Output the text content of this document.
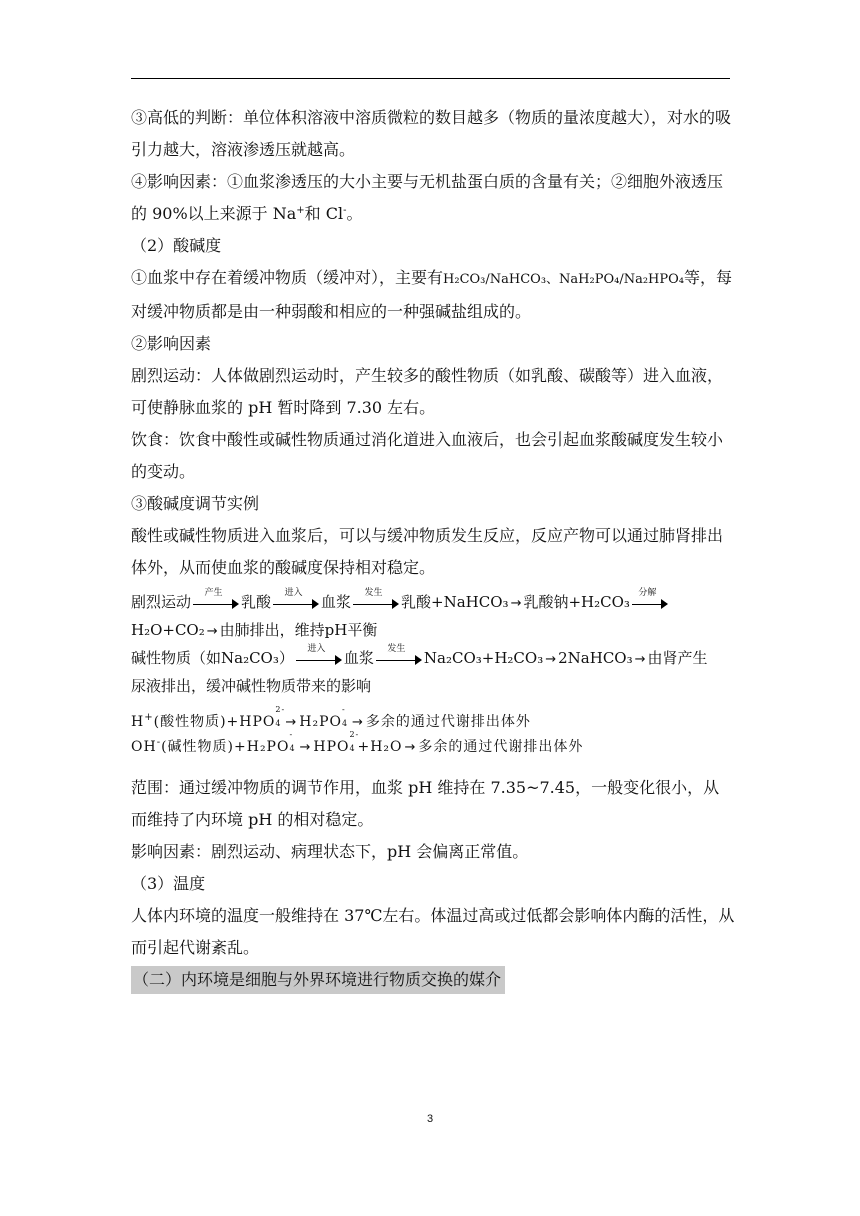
③高低的判断：单位体积溶液中溶质微粒的数目越多（物质的量浓度越大），对水的吸引力越大，溶液渗透压就越高。

④影响因素：①血浆渗透压的大小主要与无机盐蛋白质的含量有关；②细胞外液透压的 90%以上来源于 Na+和 Cl-。

（2）酸碱度

①血浆中存在着缓冲物质（缓冲对），主要有H₂CO₃/NaHCO₃、NaH₂PO₄/Na₂HPO₄等，每对缓冲物质都是由一种弱酸和相应的一种强碱盐组成的。

②影响因素

剧烈运动：人体做剧烈运动时，产生较多的酸性物质（如乳酸、碳酸等）进入血液，可使静脉血浆的 pH 暂时降到 7.30 左右。

饮食：饮食中酸性或碱性物质通过消化道进入血液后，也会引起血浆酸碱度发生较小的变动。

③酸碱度调节实例

酸性或碱性物质进入血浆后，可以与缓冲物质发生反应，反应产物可以通过肺肾排出体外，从而使血浆的酸碱度保持相对稳定。

剧烈运动	产生	乳酸	进入	血浆	发生	乳酸+NaHCO₃ → 乳酸钠+H₂CO₃ 分解
H₂O+CO₂ → 由肺排出，维持pH平衡
碱性物质（如Na₂CO₃）	进入	血浆	发生	Na₂CO₃+H₂CO₃ → 2NaHCO₃ → 由肾产生
尿液排出，缓冲碱性物质带来的影响
H+(酸性物质)+HPO
2-
4 → H₂PO
-
4 → 多余的通过代谢排出体外
OH-(碱性物质)+H₂PO
-
4 → HPO
2-
4 +H₂O → 多余的通过代谢排出体外

范围：通过缓冲物质的调节作用，血浆 pH 维持在 7.35~7.45，一般变化很小，从而维持了内环境 pH 的相对稳定。

影响因素：剧烈运动、病理状态下，pH 会偏离正常值。

（3）温度

人体内环境的温度一般维持在 37℃左右。体温过高或过低都会影响体内酶的活性，从而引起代谢紊乱。

（二）内环境是细胞与外界环境进行物质交换的媒介
3
